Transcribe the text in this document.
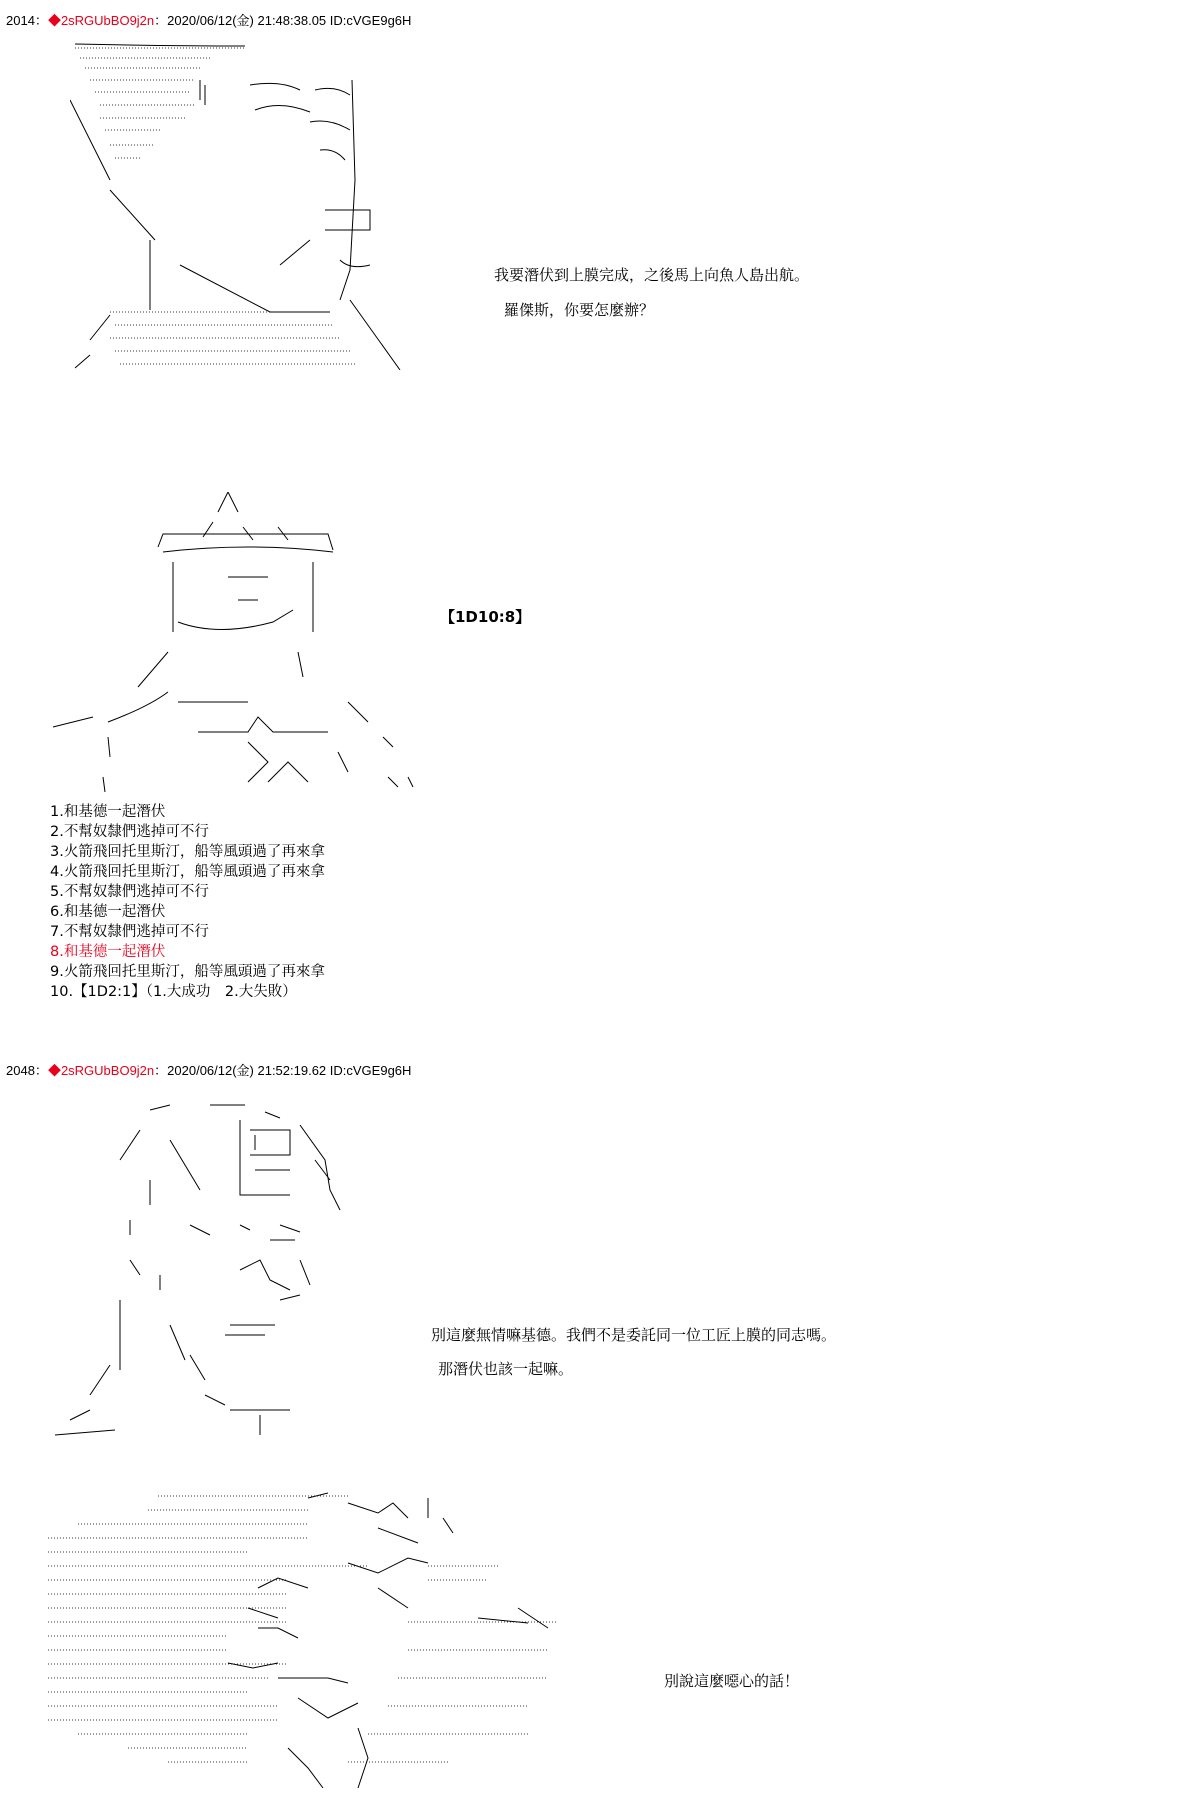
2014：◆2sRGUbBO9j2n：2020/06/12(金) 21:48:38.05 ID:cVGE9g6H
我要潛伏到上膜完成，之後馬上向魚人島出航。
羅傑斯，你要怎麼辦？
【1D10:8】
1.和基德一起潛伏
2.不幫奴隸們逃掉可不行
3.火箭飛回托里斯汀，船等風頭過了再來拿
4.火箭飛回托里斯汀，船等風頭過了再來拿
5.不幫奴隸們逃掉可不行
6.和基德一起潛伏
7.不幫奴隸們逃掉可不行
8.和基德一起潛伏
9.火箭飛回托里斯汀，船等風頭過了再來拿
10.【1D2:1】（1.大成功　2.大失敗）
2048：◆2sRGUbBO9j2n：2020/06/12(金) 21:52:19.62 ID:cVGE9g6H
別這麼無情嘛基德。我們不是委託同一位工匠上膜的同志嗎。
那潛伏也該一起嘛。
別說這麼噁心的話！
